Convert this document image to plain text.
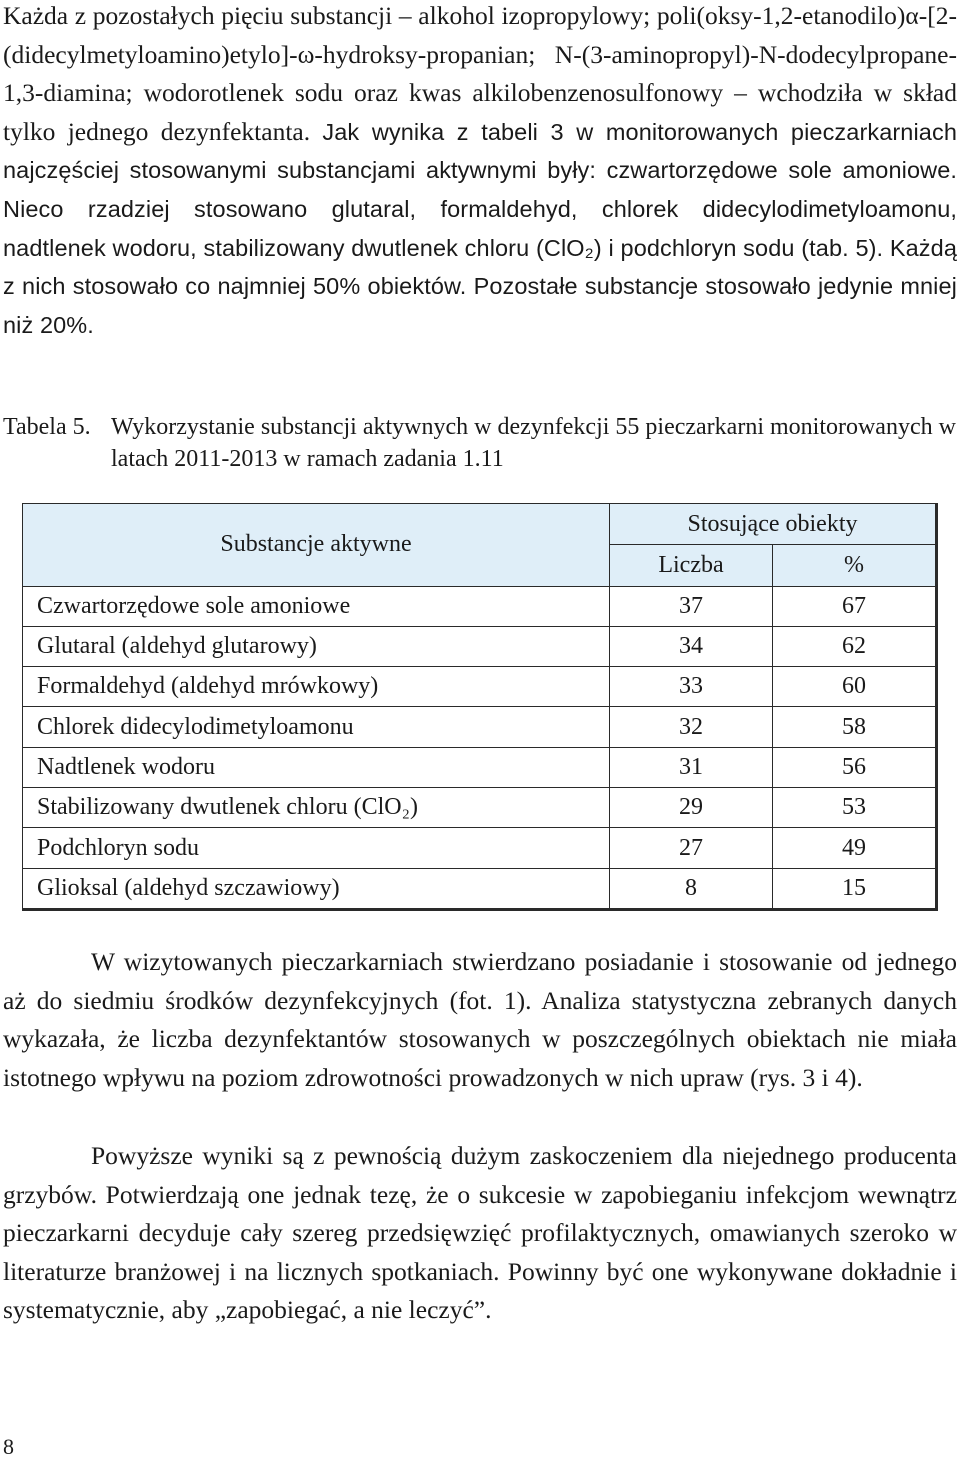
Każda z pozostałych pięciu substancji – alkohol izopropylowy; poli(oksy-1,2-etanodilo)α-[2-(didecylmetyloamino)etylo]-ω-hydroksy-propanian; N-(3-aminopropyl)-N-dodecylpropane-1,3-diamina; wodorotlenek sodu oraz kwas alkilobenzenosulfonowy – wchodziła w skład tylko jednego dezynfektanta. Jak wynika z tabeli 3 w monitorowanych pieczarkarniach najczęściej stosowanymi substancjami aktywnymi były: czwartorzędowe sole amoniowe. Nieco rzadziej stosowano glutaral, formaldehyd, chlorek didecylodimetyloamonu, nadtlenek wodoru, stabilizowany dwutlenek chloru (ClO₂) i podchloryn sodu (tab. 5). Każdą z nich stosowało co najmniej 50% obiektów. Pozostałe substancje stosowało jedynie mniej niż 20%.

Tabela 5. Wykorzystanie substancji aktywnych w dezynfekcji 55 pieczarkarni monitorowanych w latach 2011-2013 w ramach zadania 1.11
Substancje aktywne	Stosujące obiekty	
	Liczba	%
Czwartorzędowe sole amoniowe	37	67
Glutaral (aldehyd glutarowy)	34	62
Formaldehyd (aldehyd mrówkowy)	33	60
Chlorek didecylodimetyloamonu	32	58
Nadtlenek wodoru	31	56
Stabilizowany dwutlenek chloru (ClO₂)	29	53
Podchloryn sodu	27	49
Glioksal (aldehyd szczawiowy)	8	15

W wizytowanych pieczarkarniach stwierdzano posiadanie i stosowanie od jednego aż do siedmiu środków dezynfekcyjnych (fot. 1). Analiza statystyczna zebranych danych wykazała, że liczba dezynfektantów stosowanych w poszczególnych obiektach nie miała istotnego wpływu na poziom zdrowotności prowadzonych w nich upraw (rys. 3 i 4).

Powyższe wyniki są z pewnością dużym zaskoczeniem dla niejednego producenta grzybów. Potwierdzają one jednak tezę, że o sukcesie w zapobieganiu infekcjom wewnątrz pieczarkarni decyduje cały szereg przedsięwzięć profilaktycznych, omawianych szeroko w literaturze branżowej i na licznych spotkaniach. Powinny być one wykonywane dokładnie i systematycznie, aby „zapobiegać, a nie leczyć”.

8
